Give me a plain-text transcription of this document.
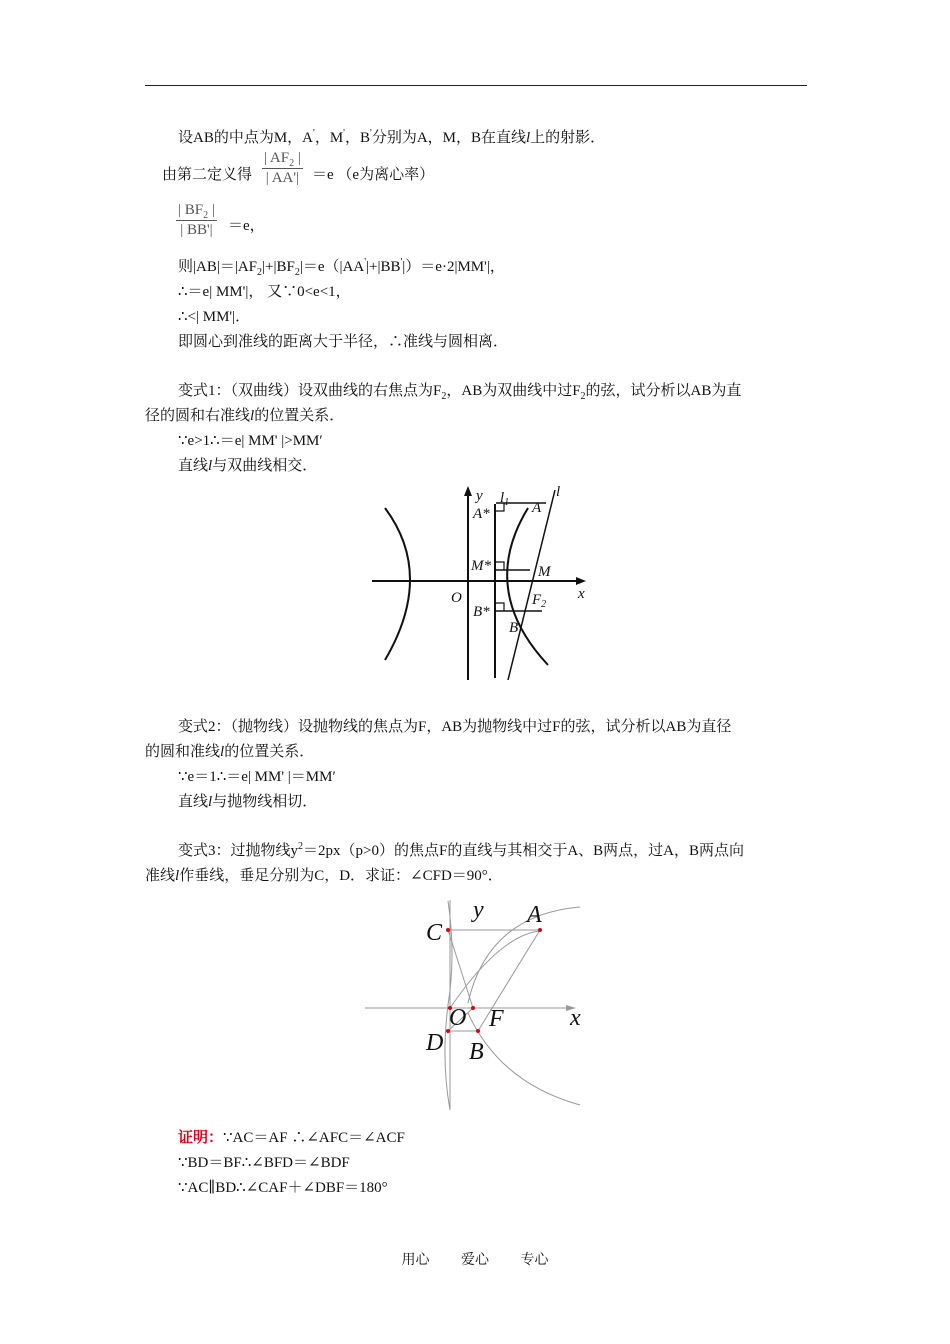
设AB的中点为M，A'，M'，B'分别为A，M，B在直线l上的射影．
由第二定义得
| $AF_2$ |
| AA'| ＝e （e为离心率）
| $BF_2$ |
| BB'| ＝e，
则$|AB|=|AF_2|+|BF_2|=e(|AA'|+|BB'|)=e\cdot 2|MM'|$，
∴＝e| MM'|， 又∵0<e<1，
∴<| MM'|．
即圆心到准线的距离大于半径，∴准线与圆相离．
变式1：（双曲线）设双曲线的右焦点为$F_2$，AB为双曲线中过$F_2$的弦，试分析以AB为直
径的圆和右准线l的位置关系．
∵e>1∴＝e| MM' |>MM′
直线l与双曲线相交．
y $l_1$
l
A*	A
M*	M
x
O
B*
$F_2$
B
变式2：（抛物线）设抛物线的焦点为F，AB为抛物线中过F的弦，试分析以AB为直径
的圆和准线l的位置关系．
∵e＝1∴＝e| MM' |＝MM′
直线l与抛物线相切．
变式3：过抛物线$y^2=2px(p>0)$的焦点F的直线与其相交于A、B两点，过A，B两点向
准线l作垂线，垂足分别为C，D．求证：∠CFD＝90°．
y A
C
O F	x
D B
证明：∵AC＝AF ∴∠AFC＝∠ACF
∵BD＝BF∴∠BFD＝∠BDF
∵AC∥BD∴∠CAF＋∠DBF＝180°
用心 爱心 专心
